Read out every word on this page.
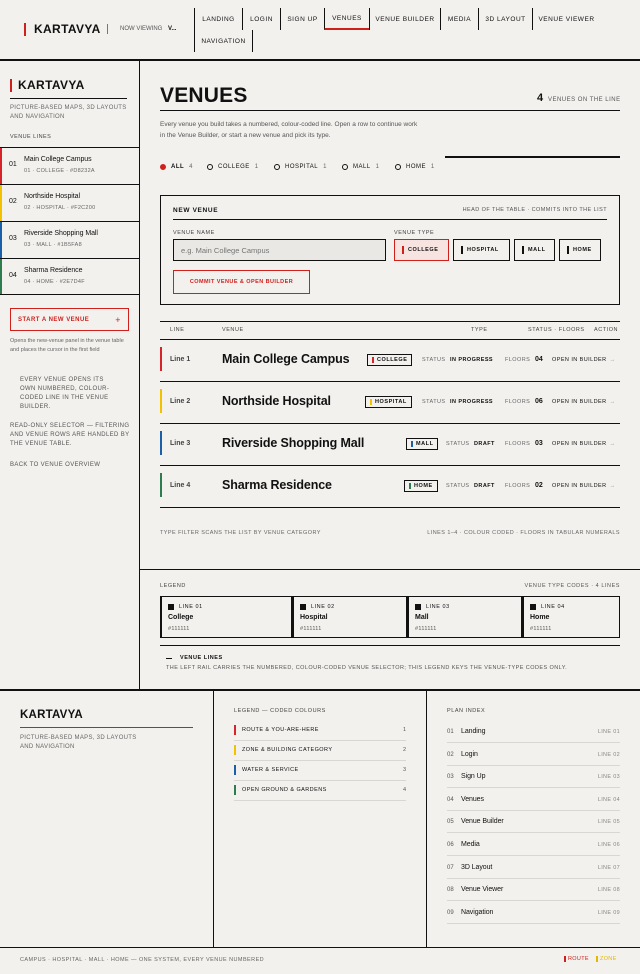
KARTAVYA	NOW VIEWING V...
LANDING	LOGIN	SIGN UP	VENUES	VENUE BUILDER	MEDIA	3D LAYOUT	VENUE VIEWER
NAVIGATION
KARTAVYA
PICTURE-BASED MAPS, 3D LAYOUTS AND NAVIGATION
VENUE LINES
01
Main College Campus
01 · COLLEGE · #D8232A
02
Northside Hospital
02 · HOSPITAL · #F2C200
03
Riverside Shopping Mall
03 · MALL · #1B5FA8
04
Sharma Residence
04 · HOME · #2E7D4F
START A NEW VENUE	+
Opens the new-venue panel in the venue table and places the cursor in the first field
EVERY VENUE OPENS ITS OWN NUMBERED, COLOUR-CODED LINE IN THE VENUE BUILDER.
READ-ONLY SELECTOR — FILTERING AND VENUE ROWS ARE HANDLED BY THE VENUE TABLE.
BACK TO VENUE OVERVIEW
VENUES	4 VENUES ON THE LINE
Every venue you build takes a numbered, colour-coded line. Open a row to continue work in the Venue Builder, or start a new venue and pick its type.
ALL 4	COLLEGE 1	HOSPITAL 1	MALL 1	HOME 1
NEW VENUE	HEAD OF THE TABLE · COMMITS INTO THE LIST
VENUE NAME
e.g. Main College Campus	VENUE TYPE
COLLEGE	HOSPITAL	MALL	HOME
COMMIT VENUE & OPEN BUILDER
LINE	VENUE	TYPE	STATUS · FLOORS ACTION
Line 1	Main College Campus	COLLEGE	STATUS IN PROGRESS FLOORS 04 OPEN IN BUILDER →
Line 2	Northside Hospital	HOSPITAL	STATUS IN PROGRESS FLOORS 06 OPEN IN BUILDER →
Line 3	Riverside Shopping Mall	MALL STATUS DRAFT FLOORS 03 OPEN IN BUILDER →
Line 4	Sharma Residence	HOME STATUS DRAFT FLOORS 02 OPEN IN BUILDER →
TYPE FILTER SCANS THE LIST BY VENUE CATEGORY	LINES 1–4 · COLOUR CODED · FLOORS IN TABULAR NUMERALS
LEGEND	VENUE TYPE CODES · 4 LINES
LINE 01
College
#111111
LINE 02
Hospital
#111111
LINE 03
Mall
#111111
LINE 04
Home
#111111
VENUE LINES
THE LEFT RAIL CARRIES THE NUMBERED, COLOUR-CODED VENUE SELECTOR; THIS LEGEND KEYS THE VENUE-TYPE CODES ONLY.
KARTAVYA
PICTURE-BASED MAPS, 3D LAYOUTS AND NAVIGATION
LEGEND — CODED COLOURS
ROUTE & YOU-ARE-HERE	1
ZONE & BUILDING CATEGORY	2
WATER & SERVICE	3
OPEN GROUND & GARDENS	4
PLAN INDEX
01 Landing	LINE 01
02 Login	LINE 02
03 Sign Up	LINE 03
04 Venues	LINE 04
05 Venue Builder	LINE 05
06 Media	LINE 06
07 3D Layout	LINE 07
08 Venue Viewer	LINE 08
09 Navigation	LINE 09
CAMPUS · HOSPITAL · MALL · HOME — ONE SYSTEM, EVERY VENUE NUMBERED	ROUTE	ZONE
